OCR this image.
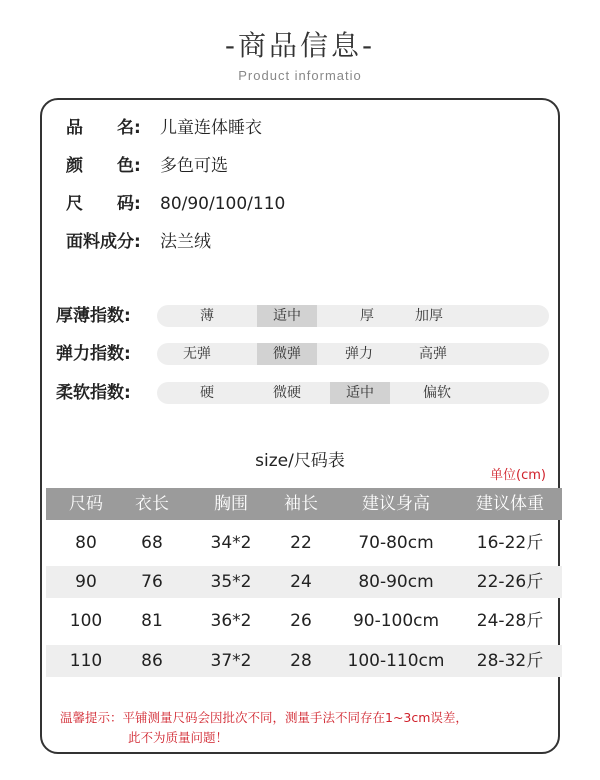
-商品信息-
Product informatio
品　　名: 儿童连体睡衣
颜　　色: 多色可选
尺　　码: 80/90/100/110
面料成分: 法兰绒
厚薄指数:	薄	适中	厚	加厚
弹力指数:	无弹	微弹	弹力	高弹
柔软指数:	硬	微硬	适中	偏软
size/尺码表
单位(cm)
尺码	衣长	胸围	袖长	建议身高	建议体重
80	68	34*2	22	70-80cm	16-22斤
90	76	35*2	24	80-90cm	22-26斤
100	81	36*2	26	90-100cm	24-28斤
110	86	37*2	28	100-110cm	28-32斤
温馨提示：平铺测量尺码会因批次不同，测量手法不同存在1~3cm误差，
此不为质量问题！
